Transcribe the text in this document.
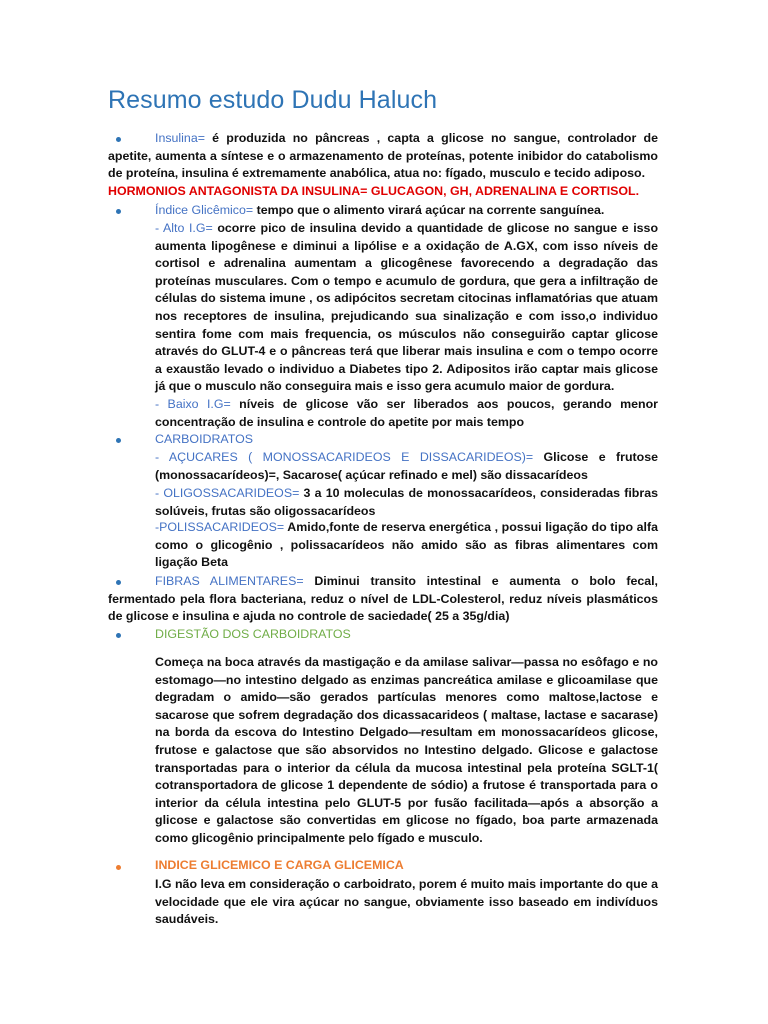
Resumo estudo Dudu Haluch
Insulina= é produzida no pâncreas , capta a glicose no sangue, controlador de apetite, aumenta a síntese e o armazenamento de proteínas, potente inibidor do catabolismo de proteína, insulina é extremamente anabólica, atua no: fígado, musculo e tecido adiposo.
HORMONIOS ANTAGONISTA DA INSULINA= GLUCAGON, GH, ADRENALINA E CORTISOL.
Índice Glicêmico= tempo que o alimento virará açúcar na corrente sanguínea.
- Alto I.G= ocorre pico de insulina devido a quantidade de glicose no sangue e isso aumenta lipogênese e diminui a lipólise e a oxidação de A.GX, com isso níveis de cortisol e adrenalina aumentam a glicogênese favorecendo a degradação das proteínas musculares. Com o tempo e acumulo de gordura, que gera a infiltração de células do sistema imune , os adipócitos secretam citocinas inflamatórias que atuam nos receptores de insulina, prejudicando sua sinalização e com isso,o individuo sentira fome com mais frequencia, os músculos não conseguirão captar glicose através do GLUT-4 e o pâncreas terá que liberar mais insulina e com o tempo ocorre a exaustão levado o individuo a Diabetes tipo 2. Adipositos irão captar mais glicose já que o musculo não conseguira mais e isso gera acumulo maior de gordura.
- Baixo I.G= níveis de glicose vão ser liberados aos poucos, gerando menor concentração de insulina e controle do apetite por mais tempo
CARBOIDRATOS
- AÇUCARES ( MONOSSACARIDEOS E DISSACARIDEOS)= Glicose e frutose (monossacarídeos)=, Sacarose( açúcar refinado e mel) são dissacarídeos
- OLIGOSSACARIDEOS= 3 a 10 moleculas de monossacarídeos, consideradas fibras solúveis, frutas são oligossacarídeos
-POLISSACARIDEOS= Amido,fonte de reserva energética , possui ligação do tipo alfa como o glicogênio , polissacarídeos não amido são as fibras alimentares com ligação Beta
FIBRAS ALIMENTARES= Diminui transito intestinal e aumenta o bolo fecal, fermentado pela flora bacteriana, reduz o nível de LDL-Colesterol, reduz níveis plasmáticos de glicose e insulina e ajuda no controle de saciedade( 25 a 35g/dia)
DIGESTÃO DOS CARBOIDRATOS
Começa na boca através da mastigação e da amilase salivar—passa no esôfago e no estomago—no intestino delgado as enzimas pancreática amilase e glicoamilase que degradam o amido—são gerados partículas menores como maltose,lactose e sacarose que sofrem degradação dos dicassacarideos ( maltase, lactase e sacarase) na borda da escova do Intestino Delgado—resultam em monossacarídeos glicose, frutose e galactose que são absorvidos no Intestino delgado. Glicose e galactose transportadas para o interior da célula da mucosa intestinal pela proteína SGLT-1( cotransportadora de glicose 1 dependente de sódio) a frutose é transportada para o interior da célula intestina pelo GLUT-5 por fusão facilitada—após a absorção a glicose e galactose são convertidas em glicose no fígado, boa parte armazenada como glicogênio principalmente pelo fígado e musculo.
INDICE GLICEMICO E CARGA GLICEMICA
I.G não leva em consideração o carboidrato, porem é muito mais importante do que a velocidade que ele vira açúcar no sangue, obviamente isso baseado em indivíduos saudáveis.
